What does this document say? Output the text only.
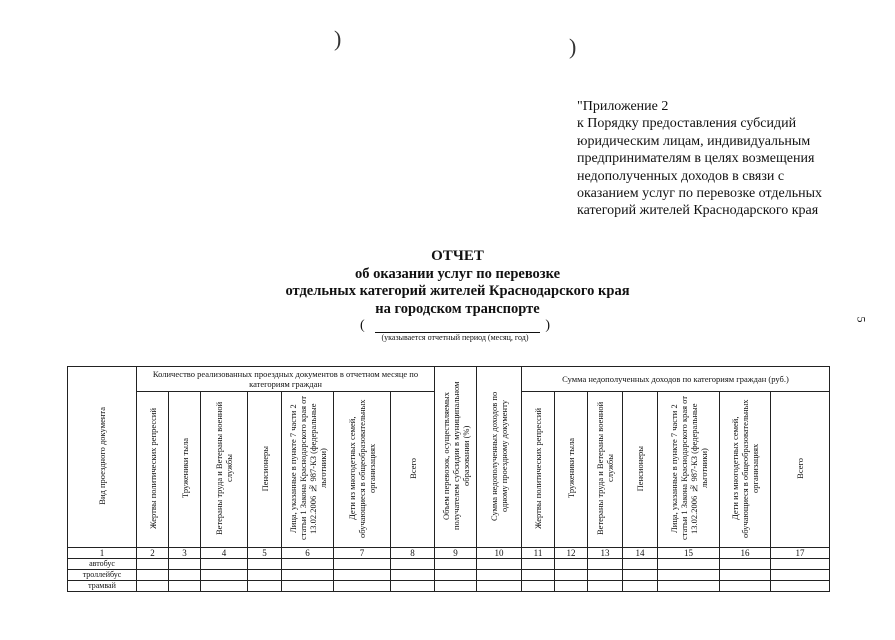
)	)
"Приложение 2
к Порядку предоставления субсидий
юридическим лицам, индивидуальным
предпринимателям в целях возмещения
недополученных доходов в связи с
оказанием услуг по перевозке отдельных
категорий жителей Краснодарского края
ОТЧЕТ
об оказании услуг по перевозке
отдельных категорий жителей Краснодарского края
на городском транспорте
(	)
(указывается отчетный период (месяц, год)
5
Вид проездного документа	Количество реализованных проездных документов в отчетном месяце по категориям граждан							Объем перевозок, осуществляемых получателем субсидии в муниципальном образовании (%)	Сумма недополученных доходов по одному проездному документу	Сумма недополученных доходов по категориям граждан (руб.)						
	Жертвы политических репрессий	Труженики тыла	Ветераны труда и Ветераны военной службы	Пенсионеры	Лица, указанные в пункте 7 части 2 статьи 1 Закона Краснодарского края от 13.02.2006 № 987-КЗ (федеральные льготники)	Дети из многодетных семей, обучающиеся в общеобразовательных организациях	Всего			Жертвы политических репрессий	Труженики тыла	Ветераны труда и Ветераны военной службы	Пенсионеры	Лица, указанные в пункте 7 части 2 статьи 1 Закона Краснодарского края от 13.02.2006 № 987-КЗ (федеральные льготники)	Дети из многодетных семей, обучающиеся в общеобразовательных организациях	Всего
1	2	3	4	5	6	7	8	9	10	11	12	13	14	15	16	17
автобус																
троллейбус																
трамвай																
